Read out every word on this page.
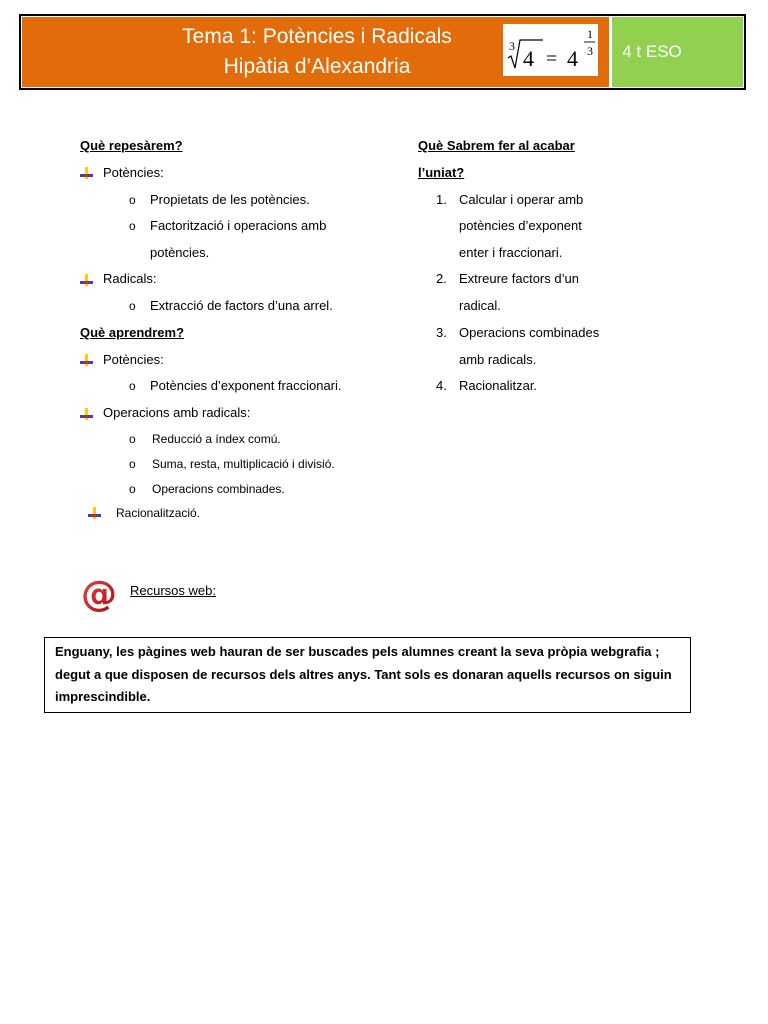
Tema 1: Potències i Radicals
Hipàtia d’Alexandria
3 4 = 4
1
3	4 t ESO
Què repesàrem?
Potències:
o Propietats de les potències.
o Factorització i operacions amb
potències.
Radicals:
o Extracció de factors d’una arrel.
Què aprendrem?
Potències:
o Potències d’exponent fraccionari.
Operacions amb radicals:
o Reducció a índex comú.
o Suma, resta, multiplicació i divisió.
o Operacions combinades.
Racionalització.
Què Sabrem fer al acabar
l’uniat?
1. Calcular i operar amb
potències d’exponent
enter i fraccionari.
2. Extreure factors d’un
radical.
3. Operacions combinades
amb radicals.
4. Racionalitzar.
@ Recursos web:
Enguany, les pàgines web hauran de ser buscades pels alumnes creant la seva pròpia webgrafia ;
degut a que disposen de recursos dels altres anys. Tant sols es donaran aquells recursos on siguin
imprescindible.
